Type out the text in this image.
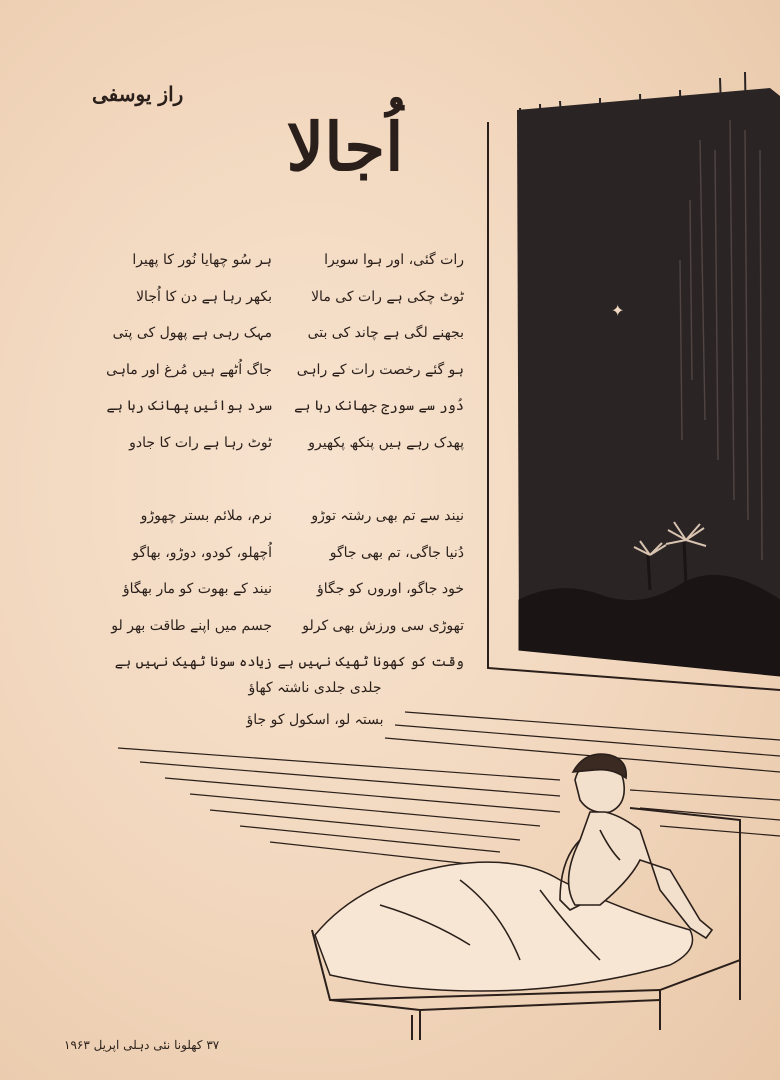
✦
راز یوسفی
اُجالا
رات گئی، اور ہوا سویرا
ہر سُو چھایا نُور کا پھیرا
ٹوٹ چکی ہے رات کی مالا
بکھر رہا ہے دن کا اُجالا
بجھنے لگی ہے چاند کی بتی
مہک رہی ہے پھول کی پتی
ہو گئے رخصت رات کے راہی
جاگ اُٹھے ہیں مُرغ اور ماہی
دُور سے سورج جھانک رہا ہے
سرد ہوائیں پھانک رہا ہے
پھدک رہے ہیں پنکھ پکھیرو
ٹوٹ رہا ہے رات کا جادو
نیند سے تم بھی رشتہ توڑو
نرم، ملائم بستر چھوڑو
دُنیا جاگی، تم بھی جاگو
اُچھلو، کودو، دوڑو، بھاگو
خود جاگو، اوروں کو جگاؤ
نیند کے بھوت کو مار بھگاؤ
تھوڑی سی ورزش بھی کرلو
جسم میں اپنے طاقت بھر لو
وقت کو کھونا ٹھیک نہیں ہے
زیادہ سونا ٹھیک نہیں ہے
جلدی جلدی ناشتہ کھاؤ
بستہ لو، اسکول کو جاؤ
۳۷ کھلونا نئی دہلی اپریل ۱۹۶۳
